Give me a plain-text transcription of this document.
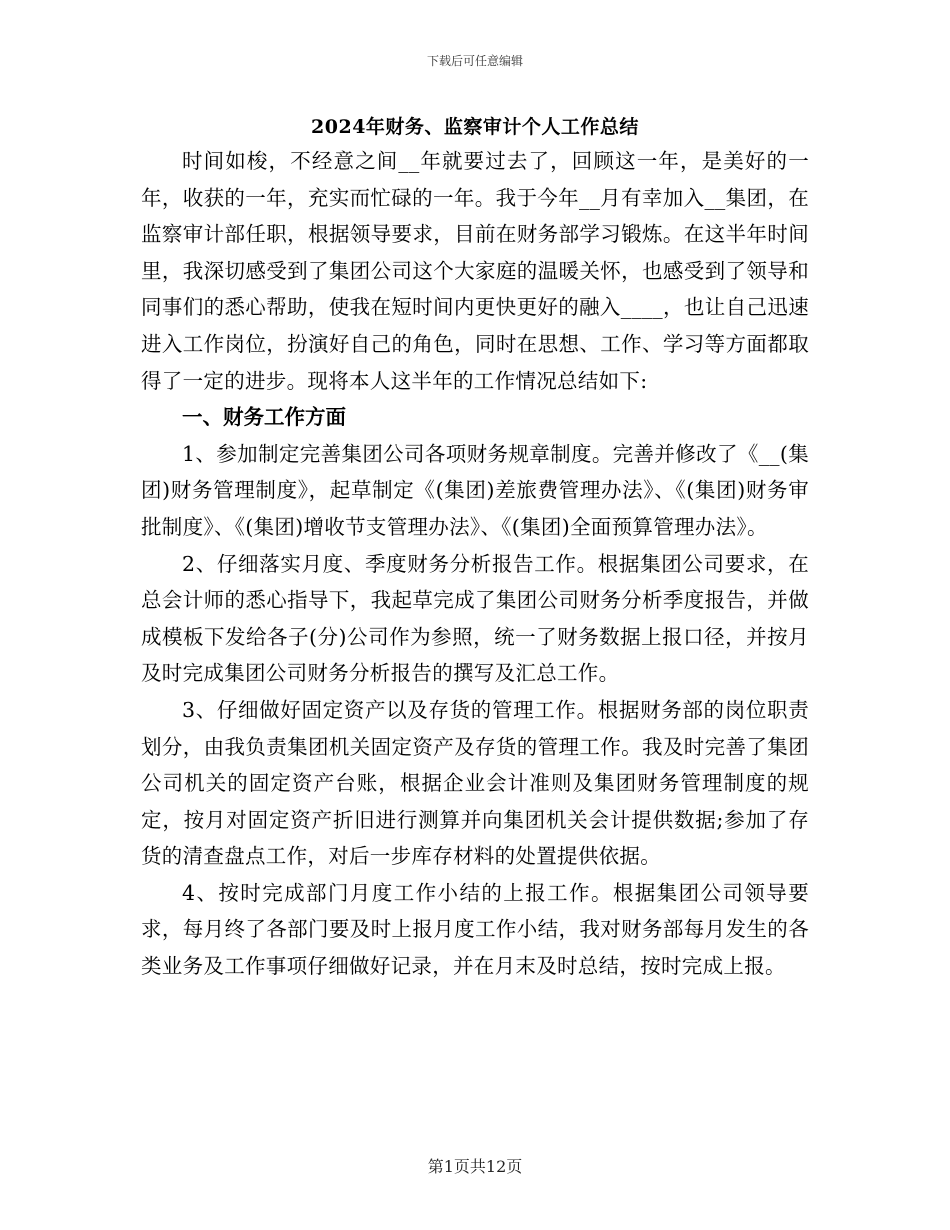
下载后可任意编辑
2024年财务、监察审计个人工作总结

时间如梭，不经意之间__年就要过去了，回顾这一年，是美好的一年，收获的一年，充实而忙碌的一年。我于今年__月有幸加入__集团，在监察审计部任职，根据领导要求，目前在财务部学习锻炼。在这半年时间里，我深切感受到了集团公司这个大家庭的温暖关怀，也感受到了领导和同事们的悉心帮助，使我在短时间内更快更好的融入____，也让自己迅速进入工作岗位，扮演好自己的角色，同时在思想、工作、学习等方面都取得了一定的进步。现将本人这半年的工作情况总结如下:

一、财务工作方面

1、参加制定完善集团公司各项财务规章制度。完善并修改了《__(集团)财务管理制度》，起草制定《(集团)差旅费管理办法》、《(集团)财务审批制度》、《(集团)增收节支管理办法》、《(集团)全面预算管理办法》。

2、仔细落实月度、季度财务分析报告工作。根据集团公司要求，在总会计师的悉心指导下，我起草完成了集团公司财务分析季度报告，并做成模板下发给各子(分)公司作为参照，统一了财务数据上报口径，并按月及时完成集团公司财务分析报告的撰写及汇总工作。

3、仔细做好固定资产以及存货的管理工作。根据财务部的岗位职责划分，由我负责集团机关固定资产及存货的管理工作。我及时完善了集团公司机关的固定资产台账，根据企业会计准则及集团财务管理制度的规定，按月对固定资产折旧进行测算并向集团机关会计提供数据;参加了存货的清查盘点工作，对后一步库存材料的处置提供依据。

4、按时完成部门月度工作小结的上报工作。根据集团公司领导要求，每月终了各部门要及时上报月度工作小结，我对财务部每月发生的各类业务及工作事项仔细做好记录，并在月末及时总结，按时完成上报。

第1页共12页
